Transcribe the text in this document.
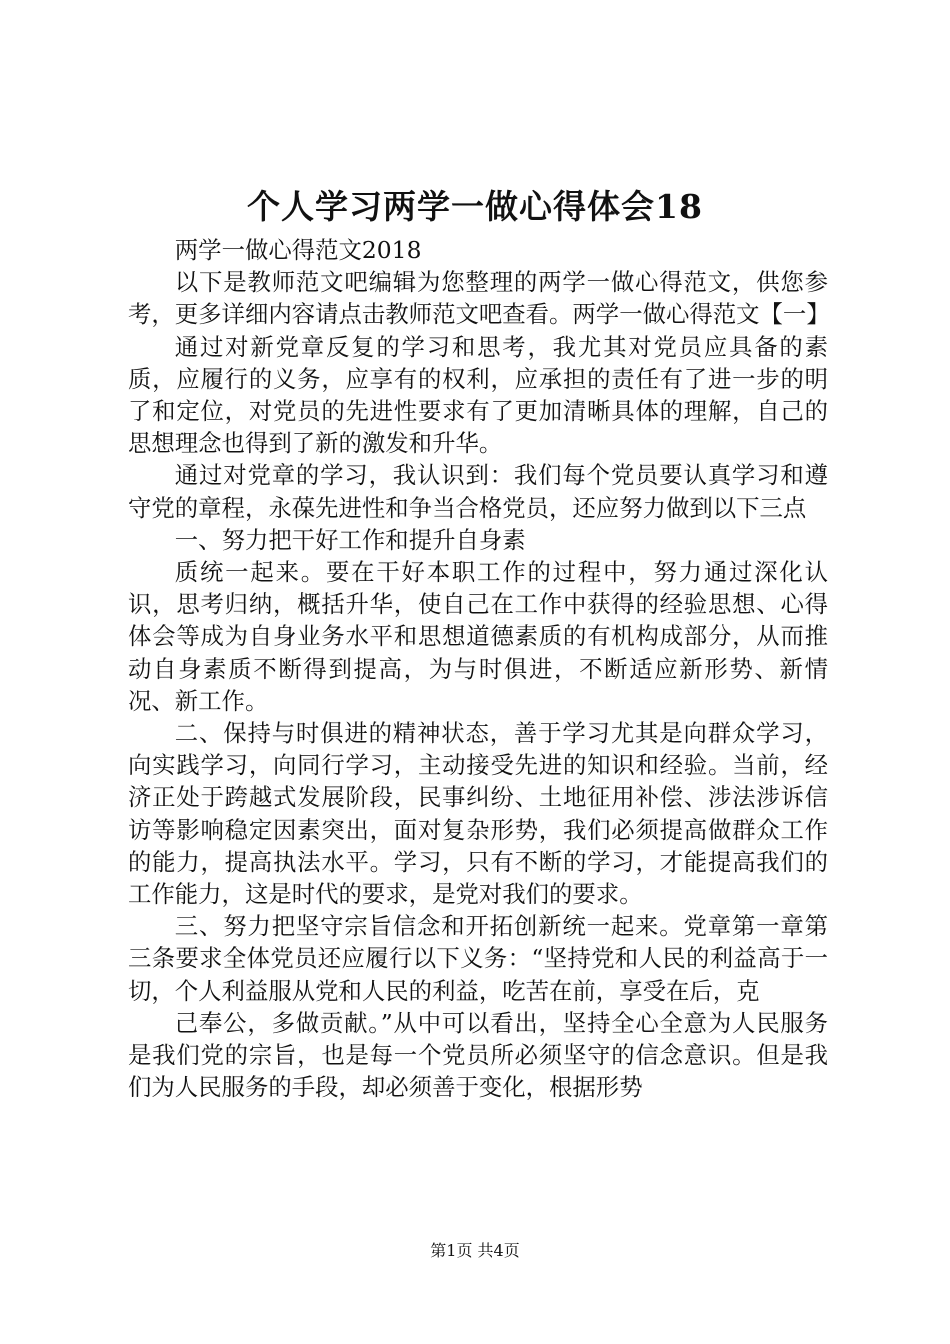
个人学习两学一做心得体会18

两学一做心得范文2018

以下是教师范文吧编辑为您整理的两学一做心得范文，供您参考，更多详细内容请点击教师范文吧查看。两学一做心得范文【一】

通过对新党章反复的学习和思考，我尤其对党员应具备的素质，应履行的义务，应享有的权利，应承担的责任有了进一步的明了和定位，对党员的先进性要求有了更加清晰具体的理解，自己的思想理念也得到了新的激发和升华。

通过对党章的学习，我认识到：我们每个党员要认真学习和遵守党的章程，永葆先进性和争当合格党员，还应努力做到以下三点

一、努力把干好工作和提升自身素

质统一起来。要在干好本职工作的过程中，努力通过深化认识，思考归纳，概括升华，使自己在工作中获得的经验思想、心得体会等成为自身业务水平和思想道德素质的有机构成部分，从而推动自身素质不断得到提高，为与时俱进，不断适应新形势、新情况、新工作。

二、保持与时俱进的精神状态，善于学习尤其是向群众学习，向实践学习，向同行学习，主动接受先进的知识和经验。当前，经济正处于跨越式发展阶段，民事纠纷、土地征用补偿、涉法涉诉信访等影响稳定因素突出，面对复杂形势，我们必须提高做群众工作的能力，提高执法水平。学习，只有不断的学习，才能提高我们的工作能力，这是时代的要求，是党对我们的要求。

三、努力把坚守宗旨信念和开拓创新统一起来。党章第一章第三条要求全体党员还应履行以下义务：“坚持党和人民的利益高于一切，个人利益服从党和人民的利益，吃苦在前，享受在后，克

己奉公，多做贡献。”从中可以看出，坚持全心全意为人民服务是我们党的宗旨，也是每一个党员所必须坚守的信念意识。但是我们为人民服务的手段，却必须善于变化，根据形势

第1页 共4页
